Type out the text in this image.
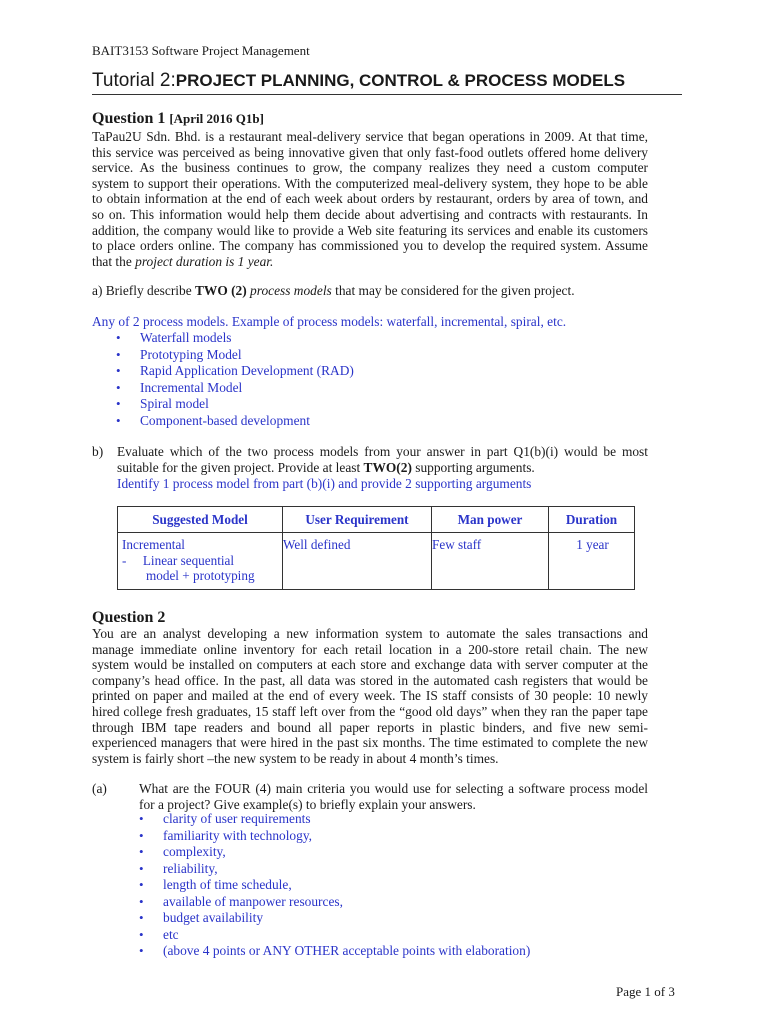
BAIT3153 Software Project Management
Tutorial 2:PROJECT PLANNING, CONTROL & PROCESS MODELS
Question 1 [April 2016 Q1b]
TaPau2U Sdn. Bhd. is a restaurant meal-delivery service that began operations in 2009. At that time,
this service was perceived as being innovative given that only fast-food outlets offered home delivery
service. As the business continues to grow, the company realizes they need a custom computer
system to support their operations. With the computerized meal-delivery system, they hope to be able
to obtain information at the end of each week about orders by restaurant, orders by area of town, and
so on. This information would help them decide about advertising and contracts with restaurants. In
addition, the company would like to provide a Web site featuring its services and enable its customers
to place orders online. The company has commissioned you to develop the required system. Assume
that the project duration is 1 year.
a) Briefly describe TWO (2) process models that may be considered for the given project.
Any of 2 process models. Example of process models: waterfall, incremental, spiral, etc.
• Waterfall models
• Prototyping Model
• Rapid Application Development (RAD)
• Incremental Model
• Spiral model
• Component-based development
b) Evaluate which of the two process models from your answer in part Q1(b)(i) would be most
suitable for the given project. Provide at least TWO(2) supporting arguments.
Identify 1 process model from part (b)(i) and provide 2 supporting arguments
Suggested Model	User Requirement	Man power	Duration

Incremental
-     Linear sequential
model + prototyping	Well defined	Few staff	1 year
Question 2
You are an analyst developing a new information system to automate the sales transactions and
manage immediate online inventory for each retail location in a 200-store retail chain. The new
system would be installed on computers at each store and exchange data with server computer at the
company’s head office. In the past, all data was stored in the automated cash registers that would be
printed on paper and mailed at the end of every week. The IS staff consists of 30 people: 10 newly
hired college fresh graduates, 15 staff left over from the “good old days” when they ran the paper tape
through IBM tape readers and bound all paper reports in plastic binders, and five new semi-
experienced managers that were hired in the past six months. The time estimated to complete the new
system is fairly short –the new system to be ready in about 4 month’s times.
(a) What are the FOUR (4) main criteria you would use for selecting a software process model
for a project? Give example(s) to briefly explain your answers.
• clarity of user requirements
• familiarity with technology,
• complexity,
• reliability,
• length of time schedule,
• available of manpower resources,
• budget availability
• etc
• (above 4 points or ANY OTHER acceptable points with elaboration)
Page 1 of 3
